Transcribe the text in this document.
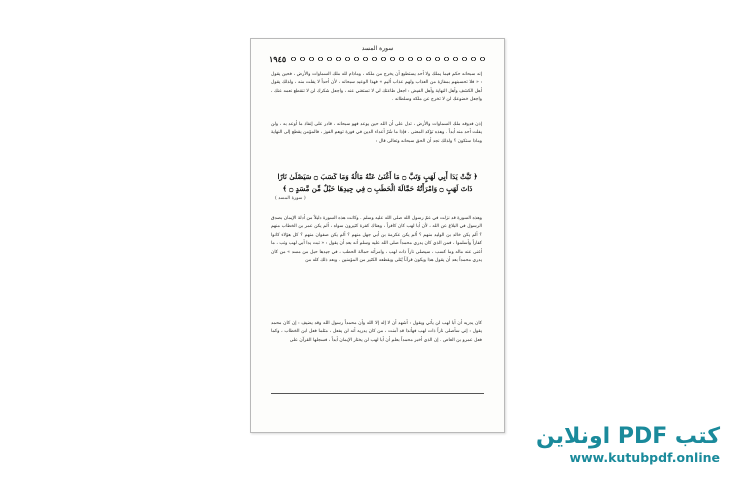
سورة المسد
١٩٤٥
إنه سبحانه حكم فيما يملك ولا أحد يستطيع أن يخرج من ملكه ، وماذام لله ملك السماوات والأرض ، فحين يقول : « فلا تحسبنهم بمفازة من العذاب ولهم عذاب أليم » فهذا الوعيد سبحانه ، لأن أحداً لا يفلت منه ، ولذلك يقول أهل الكشف وأهل النهاية وأهل الفيض : اجعل طاعتك لي لا تستغني عنه ، واجعل شكرك لن لا تنقطع نعمه عنك ، واجعل خضوعك لن لا تخرج عن ملكه وسلطانه .
إذن فدوقه ملك السماوات والأرض ، تدل على أن الله حين يوعد فهو سبحانه ، قادر على إنفاذ ما أوعد به ، ولن يفلت أحد منه أبداً . وهذه تؤكد المعنى . فإذا ما سُرّ أعداء الدين في فورة توهم الفوز ، فالمؤمن يقطع إلى النهاية وماذا ستكون ؟ ولذلك نجد أن الحق سبحانه وتعالى قال :
﴿ تَبَّتْ يَدَا أَبِي لَهَبٍ وَتَبَّ ۝ مَا أَغْنَىٰ عَنْهُ مَالُهُ وَمَا كَسَبَ ۝ سَيَصْلَىٰ نَارًا
ذَاتَ لَهَبٍ ۝ وَامْرَأَتُهُ حَمَّالَةَ الْحَطَبِ ۝ فِي جِيدِهَا حَبْلٌ مِّن مَّسَدٍ ۝ ﴾
( سورة المسد )
وهذه السورة قد نزلت في عمّ رسول الله صلى الله عليه وسلم . وكانت هذه السورة دليلاً من أدلة الإيمان بصدق الرسول في البلاغ عن الله ، لأن أبا لهب كان كافراً ، وهناك كفرة كثيرون سواه ، ألم يكن عمر بن الخطاب منهم ؟ ألم يكن خالد بن الوليد منهم ؟ ألم يكن عكرمة بن أبي جهل منهم ؟ ألم يكن صفوان منهم ؟ كل هؤلاء كانوا كفاراً وأسلموا ، فمن الذي كان يدري محمداً صلى الله عليه وسلم أنه بعد أن يقول : « تبت يدا أبي لهب وتب ، ما أغنى عنه ماله وما كسب ، سيصلى ناراً ذات لهب ، وامرأته حمالة الحطب ، في جيدها حبل من مسد » من كان يدري محمداً بعد أن يقول هذا ويكون قرآناً يُتلى ويقطعه الكثير من المؤمنين . وبعد ذلك كله من
كان يدريه أن أبا لهب لن يأتي ويقول : أشهد أن لا إله إلا الله وأن محمداً رسول الله وقد يضيف : إن كان محمد يقول : إني سأصلى ناراً ذات لهب فهأنذا قد آمنت ، من كان يدريه أنه لن يفعل ، مثلما فعل ابن الخطاب ، وكما فعل عمرو بن العاص . إن الذي أخبر محمداً بعلم أن أبا لهب لن يختار الإيمان أبداً ، فسجلها القرآن على
كتب PDF اونلاين
www.kutubpdf.online
